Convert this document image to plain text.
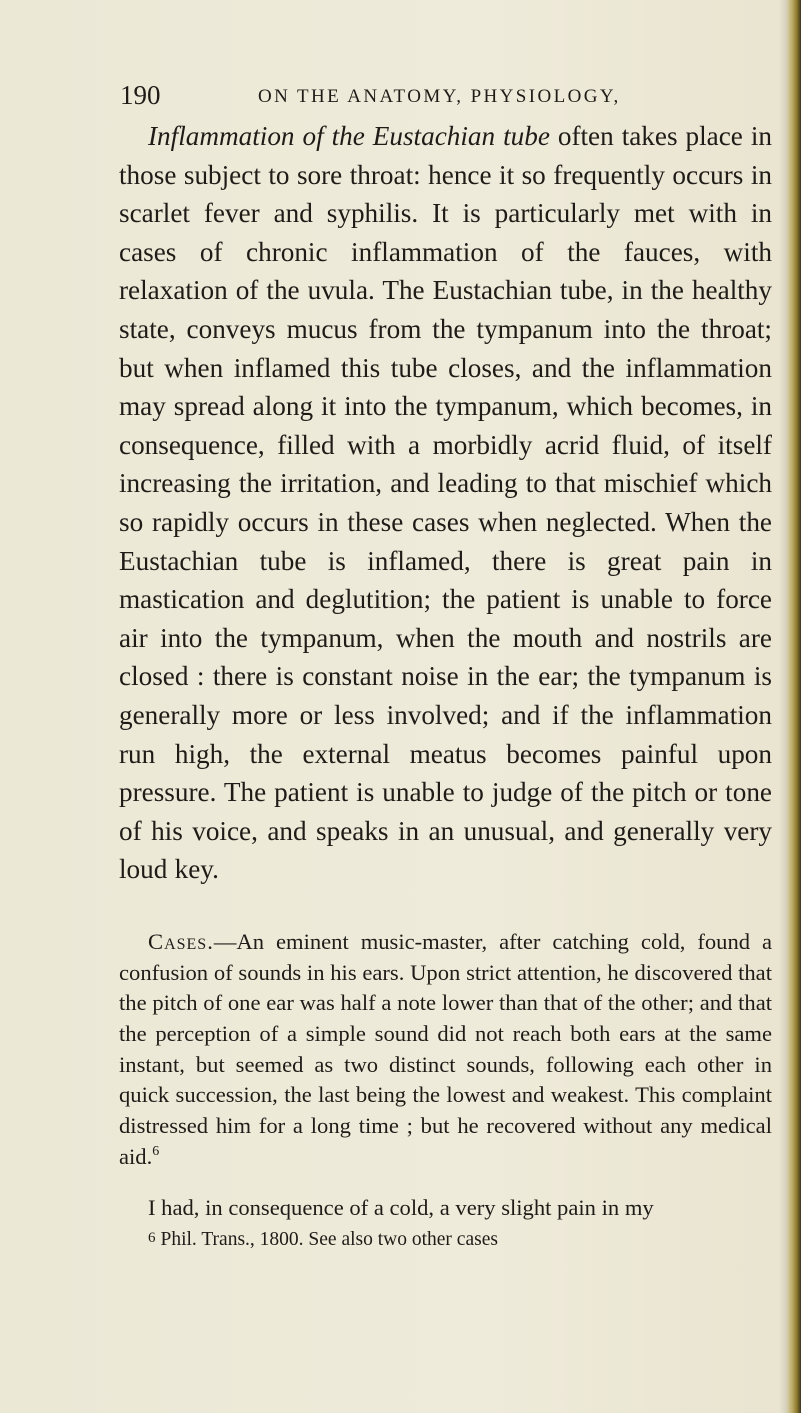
190	ON THE ANATOMY, PHYSIOLOGY,

Inflammation of the Eustachian tube often takes place in those subject to sore throat: hence it so frequently occurs in scarlet fever and syphilis. It is particularly met with in cases of chronic inflammation of the fauces, with relaxation of the uvula. The Eustachian tube, in the healthy state, conveys mucus from the tympanum into the throat; but when inflamed this tube closes, and the inflammation may spread along it into the tympanum, which becomes, in consequence, filled with a morbidly acrid fluid, of itself increasing the irritation, and leading to that mischief which so rapidly occurs in these cases when neglected. When the Eustachian tube is inflamed, there is great pain in mastication and deglutition; the patient is unable to force air into the tympanum, when the mouth and nostrils are closed : there is constant noise in the ear; the tympanum is generally more or less involved; and if the inflammation run high, the external meatus becomes painful upon pressure. The patient is unable to judge of the pitch or tone of his voice, and speaks in an unusual, and generally very loud key.

Cases.—An eminent music-master, after catching cold, found a confusion of sounds in his ears. Upon strict attention, he discovered that the pitch of one ear was half a note lower than that of the other; and that the perception of a simple sound did not reach both ears at the same instant, but seemed as two distinct sounds, following each other in quick succession, the last being the lowest and weakest. This complaint distressed him for a long time ; but he recovered without any medical aid.$^6$

I had, in consequence of a cold, a very slight pain in my

6 Phil. Trans., 1800. See also two other cases
